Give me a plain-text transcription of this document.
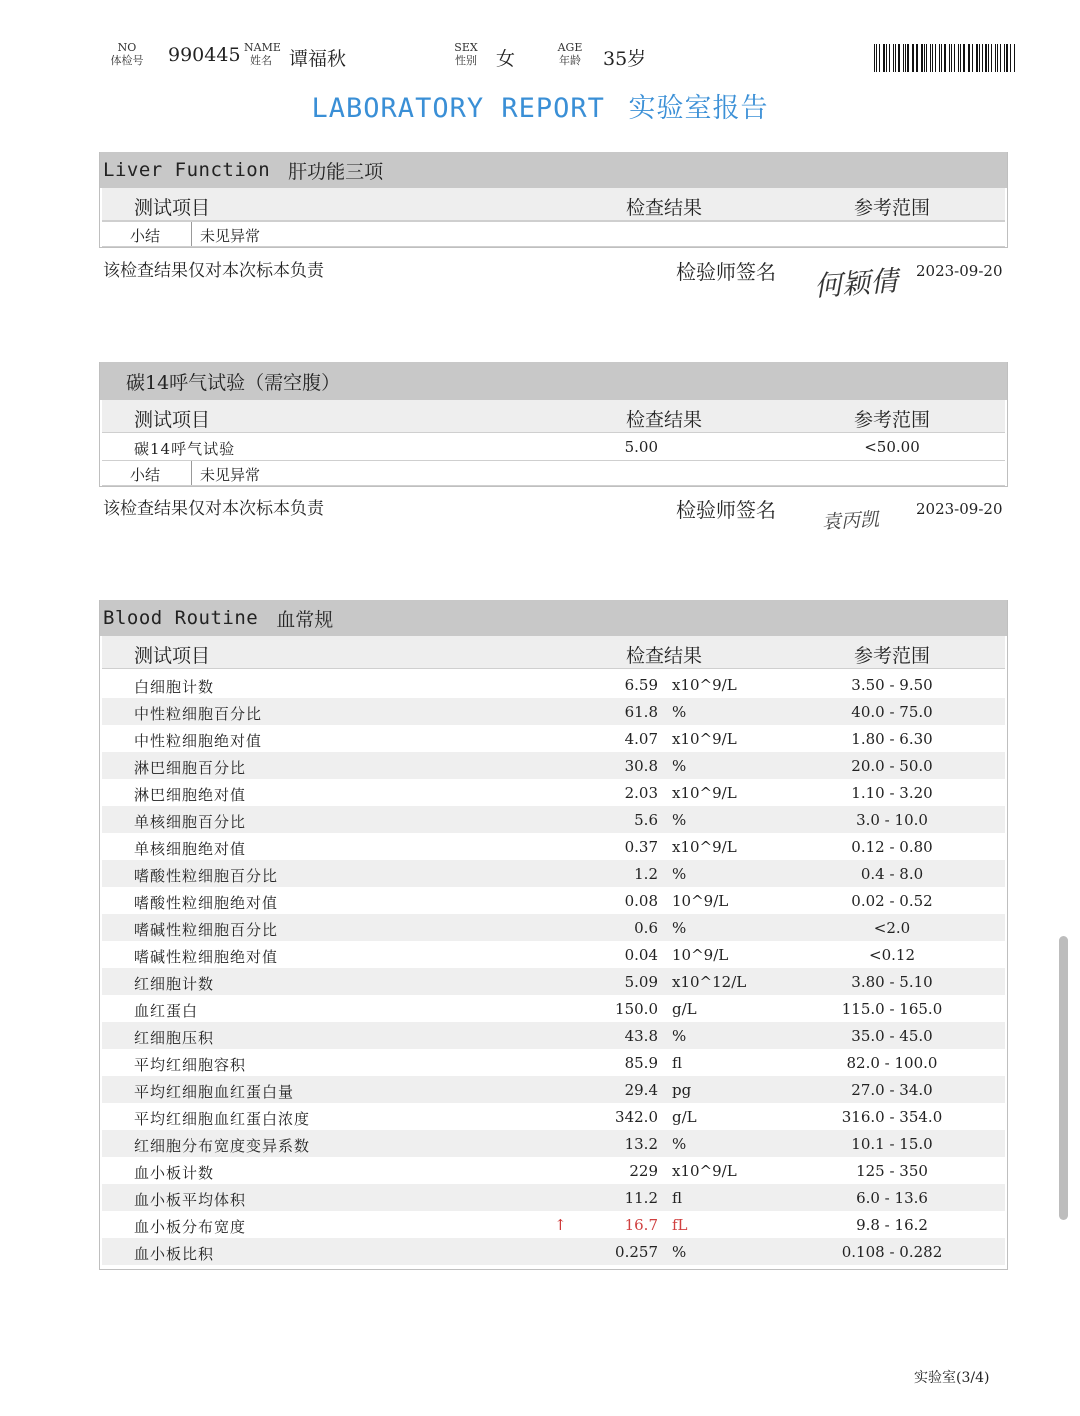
NO
体检号 990445 NAME
姓名 谭福秋
SEX
性别 女
AGE
年龄 35岁
LABORATORY REPORT 实验室报告
Liver Function 肝功能三项
测试项目	检查结果	参考范围
小结	未见异常
该检查结果仅对本次标本负责	检验师签名 何颖倩 2023-09-20
碳14呼气试验（需空腹）
测试项目	检查结果	参考范围
碳14呼气试验	5.00	<50.00
小结	未见异常
该检查结果仅对本次标本负责	检验师签名 袁丙凯 2023-09-20
Blood Routine 血常规
测试项目	检查结果	参考范围
白细胞计数	6.59 x10^9/L	3.50 - 9.50
中性粒细胞百分比	61.8 %	40.0 - 75.0
中性粒细胞绝对值	4.07 x10^9/L	1.80 - 6.30
淋巴细胞百分比	30.8 %	20.0 - 50.0
淋巴细胞绝对值	2.03 x10^9/L	1.10 - 3.20
单核细胞百分比	5.6 %	3.0 - 10.0
单核细胞绝对值	0.37 x10^9/L	0.12 - 0.80
嗜酸性粒细胞百分比	1.2 %	0.4 - 8.0
嗜酸性粒细胞绝对值	0.08 10^9/L	0.02 - 0.52
嗜碱性粒细胞百分比	0.6 %	<2.0
嗜碱性粒细胞绝对值	0.04 10^9/L	<0.12
红细胞计数	5.09 x10^12/L	3.80 - 5.10
血红蛋白	150.0 g/L	115.0 - 165.0
红细胞压积	43.8 %	35.0 - 45.0
平均红细胞容积	85.9 fl	82.0 - 100.0
平均红细胞血红蛋白量	29.4 pg	27.0 - 34.0
平均红细胞血红蛋白浓度	342.0 g/L	316.0 - 354.0
红细胞分布宽度变异系数	13.2 %	10.1 - 15.0
血小板计数	229 x10^9/L	125 - 350
血小板平均体积	11.2 fl	6.0 - 13.6
血小板分布宽度	16.7 fL	9.8 - 16.2
↑
血小板比积	0.257 %	0.108 - 0.282
实验室(3/4)
